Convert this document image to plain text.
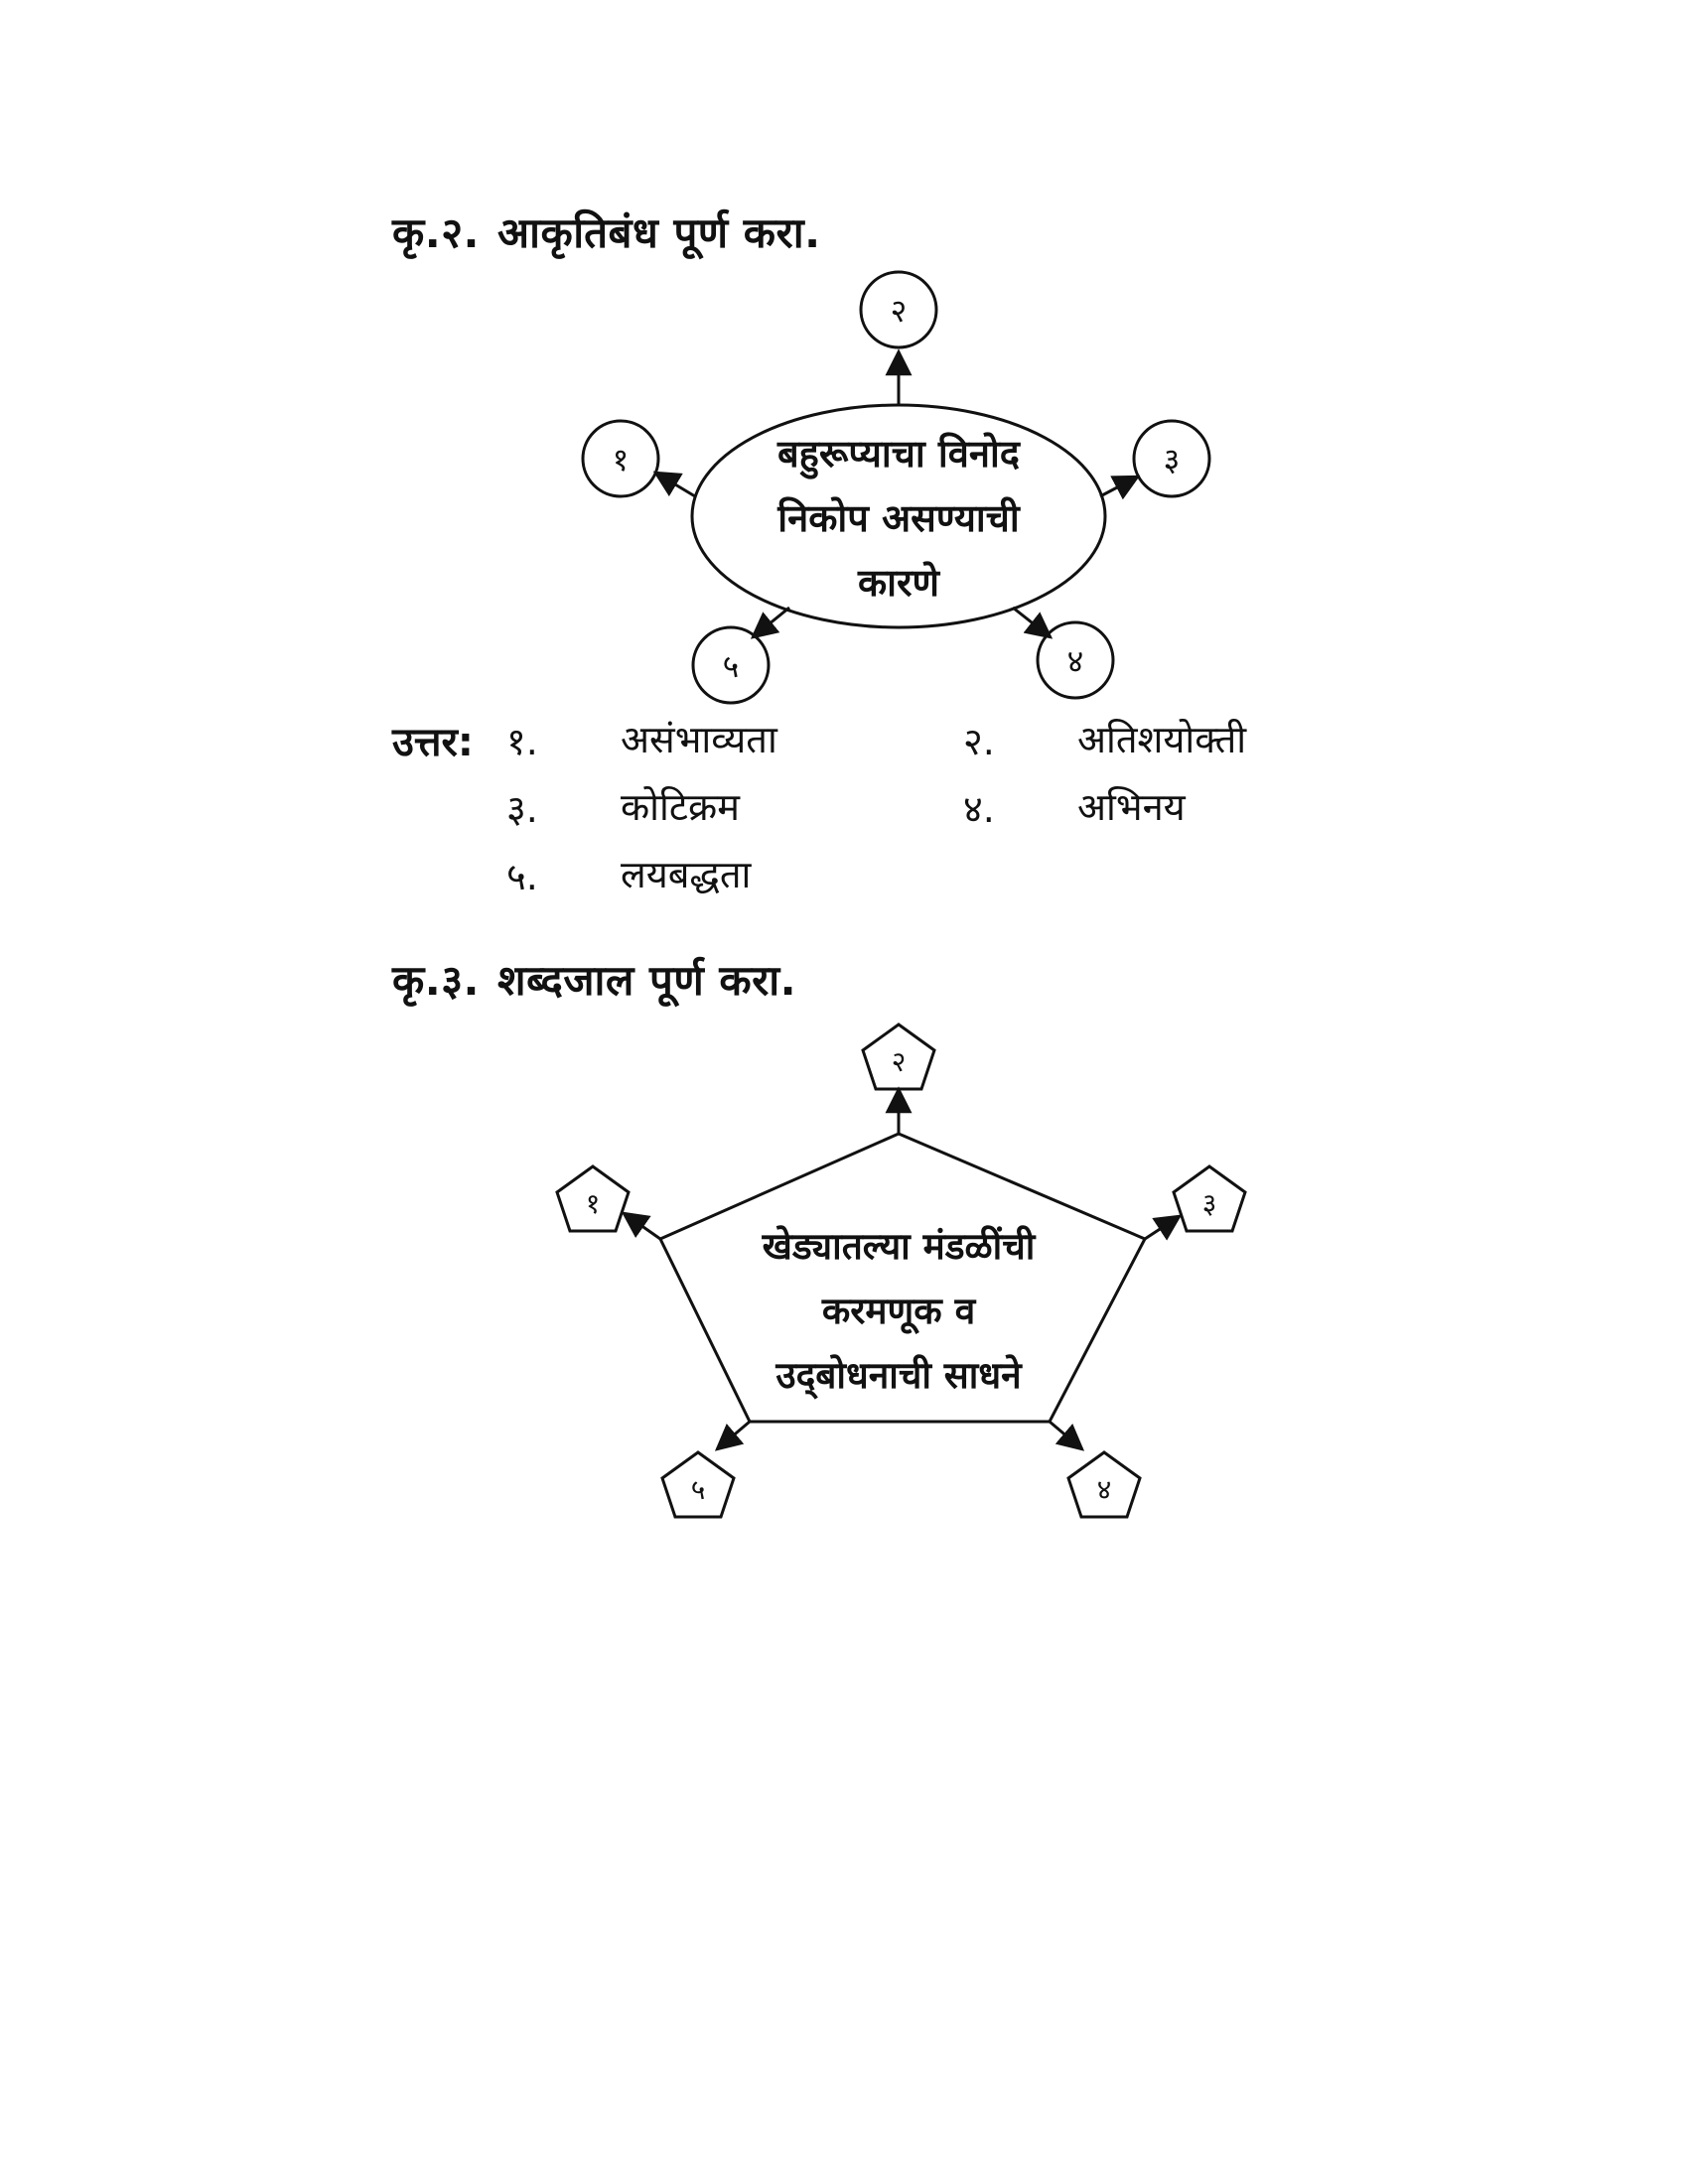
कृ.२. आकृतिबंध पूर्ण करा.
बहुरूप्याचा विनोद
निकोप असण्याची
कारणे
१
२
३
४
५
खेड्यातल्या मंडळींची
करमणूक व
उद्‌बोधनाची साधने
१
२
३
४
५
उत्तर: १. असंभाव्यता	२. अतिशयोक्ती
३. कोटिक्रम	४. अभिनय
५. लयबद्धता
कृ.३. शब्दजाल पूर्ण करा.
